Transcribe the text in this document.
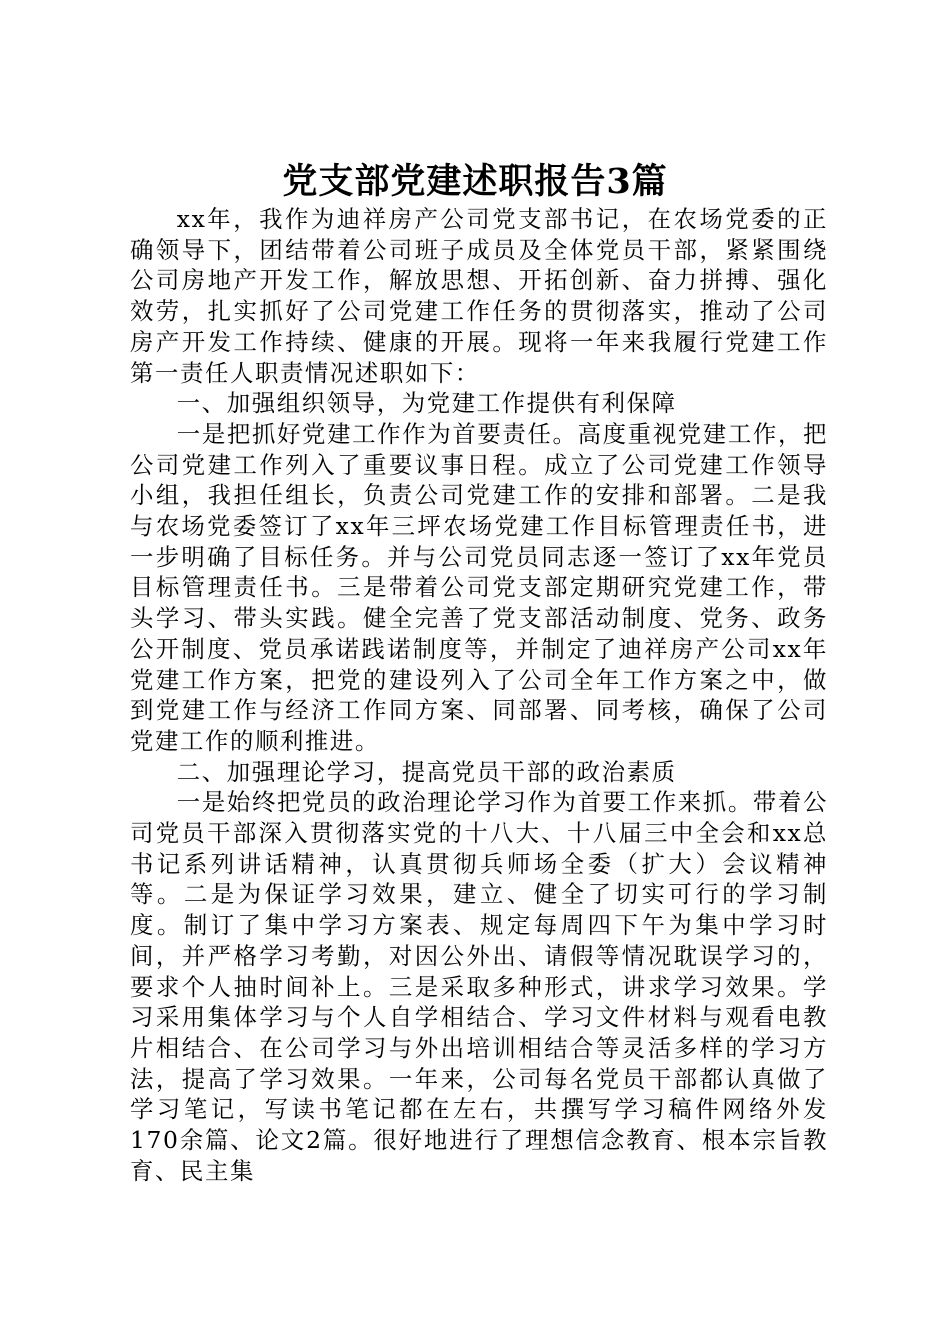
党支部党建述职报告3篇

xx年，我作为迪祥房产公司党支部书记，在农场党委的正确领导下，团结带着公司班子成员及全体党员干部，紧紧围绕公司房地产开发工作，解放思想、开拓创新、奋力拼搏、强化效劳，扎实抓好了公司党建工作任务的贯彻落实，推动了公司房产开发工作持续、健康的开展。现将一年来我履行党建工作第一责任人职责情况述职如下：

一、加强组织领导，为党建工作提供有利保障

一是把抓好党建工作作为首要责任。高度重视党建工作，把公司党建工作列入了重要议事日程。成立了公司党建工作领导小组，我担任组长，负责公司党建工作的安排和部署。二是我与农场党委签订了xx年三坪农场党建工作目标管理责任书，进一步明确了目标任务。并与公司党员同志逐一签订了xx年党员目标管理责任书。三是带着公司党支部定期研究党建工作，带头学习、带头实践。健全完善了党支部活动制度、党务、政务公开制度、党员承诺践诺制度等，并制定了迪祥房产公司xx年党建工作方案，把党的建设列入了公司全年工作方案之中，做到党建工作与经济工作同方案、同部署、同考核，确保了公司党建工作的顺利推进。

二、加强理论学习，提高党员干部的政治素质

一是始终把党员的政治理论学习作为首要工作来抓。带着公司党员干部深入贯彻落实党的十八大、十八届三中全会和xx总书记系列讲话精神，认真贯彻兵师场全委（扩大）会议精神等。二是为保证学习效果，建立、健全了切实可行的学习制度。制订了集中学习方案表、规定每周四下午为集中学习时间，并严格学习考勤，对因公外出、请假等情况耽误学习的，要求个人抽时间补上。三是采取多种形式，讲求学习效果。学习采用集体学习与个人自学相结合、学习文件材料与观看电教片相结合、在公司学习与外出培训相结合等灵活多样的学习方法，提高了学习效果。一年来，公司每名党员干部都认真做了学习笔记，写读书笔记都在左右，共撰写学习稿件网络外发170余篇、论文2篇。很好地进行了理想信念教育、根本宗旨教育、民主集
